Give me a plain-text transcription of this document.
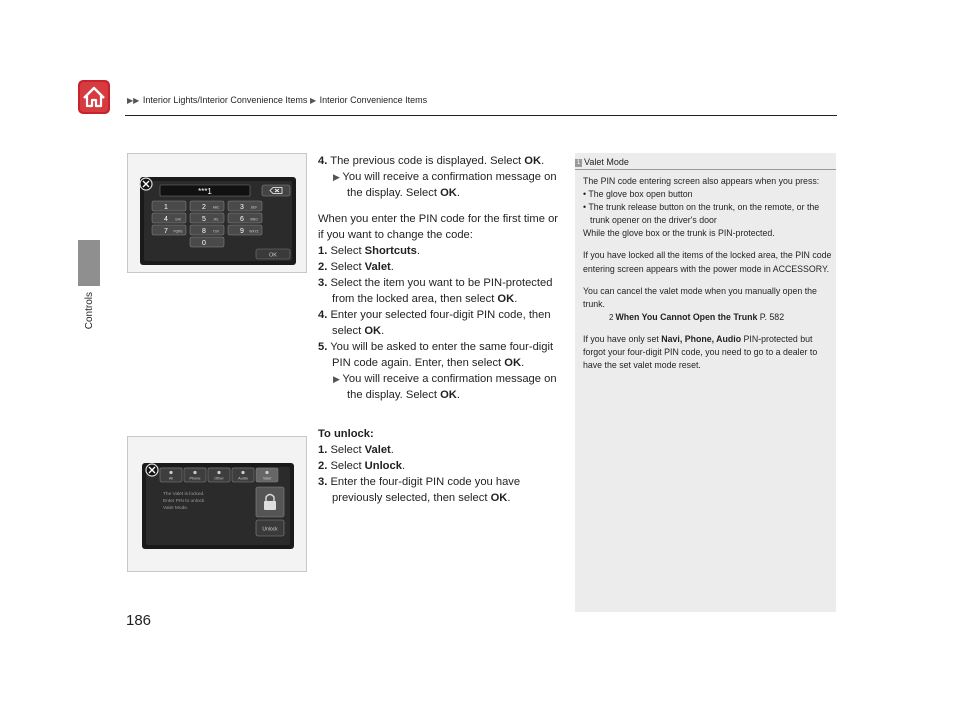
▶▶ Interior Lights/Interior Convenience Items ▶ Interior Convenience Items
Controls
***1
1	2 ABC	3 DEF
4 GHI	5 JKL	6 MNO
7 PQRS	8 TUV	9 WXYZ
0
OK
All	Phone	Other	Audio	Valet
The Valet is locked. Enter PIN to unlock Valet Mode.
Unlock

4. The previous code is displayed. Select OK.

▶ You will receive a confirmation message on the display. Select OK.

When you enter the PIN code for the first time or if you want to change the code:

1. Select Shortcuts.

2. Select Valet.

3. Select the item you want to be PIN-protected from the locked area, then select OK.

4. Enter your selected four-digit PIN code, then select OK.

5. You will be asked to enter the same four-digit PIN code again. Enter, then select OK.

▶ You will receive a confirmation message on the display. Select OK.

To unlock:

1. Select Valet.

2. Select Unlock.

3. Enter the four-digit PIN code you have previously selected, then select OK.

1 Valet Mode

The PIN code entering screen also appears when you press:

• The glove box open button

• The trunk release button on the trunk, on the remote, or the trunk opener on the driver's door

While the glove box or the trunk is PIN-protected.

If you have locked all the items of the locked area, the PIN code entering screen appears with the power mode in ACCESSORY.

You can cancel the valet mode when you manually open the trunk.

2 When You Cannot Open the Trunk P. 582

If you have only set Navi, Phone, Audio PIN-protected but forgot your four-digit PIN code, you need to go to a dealer to have the set valet mode reset.

186
